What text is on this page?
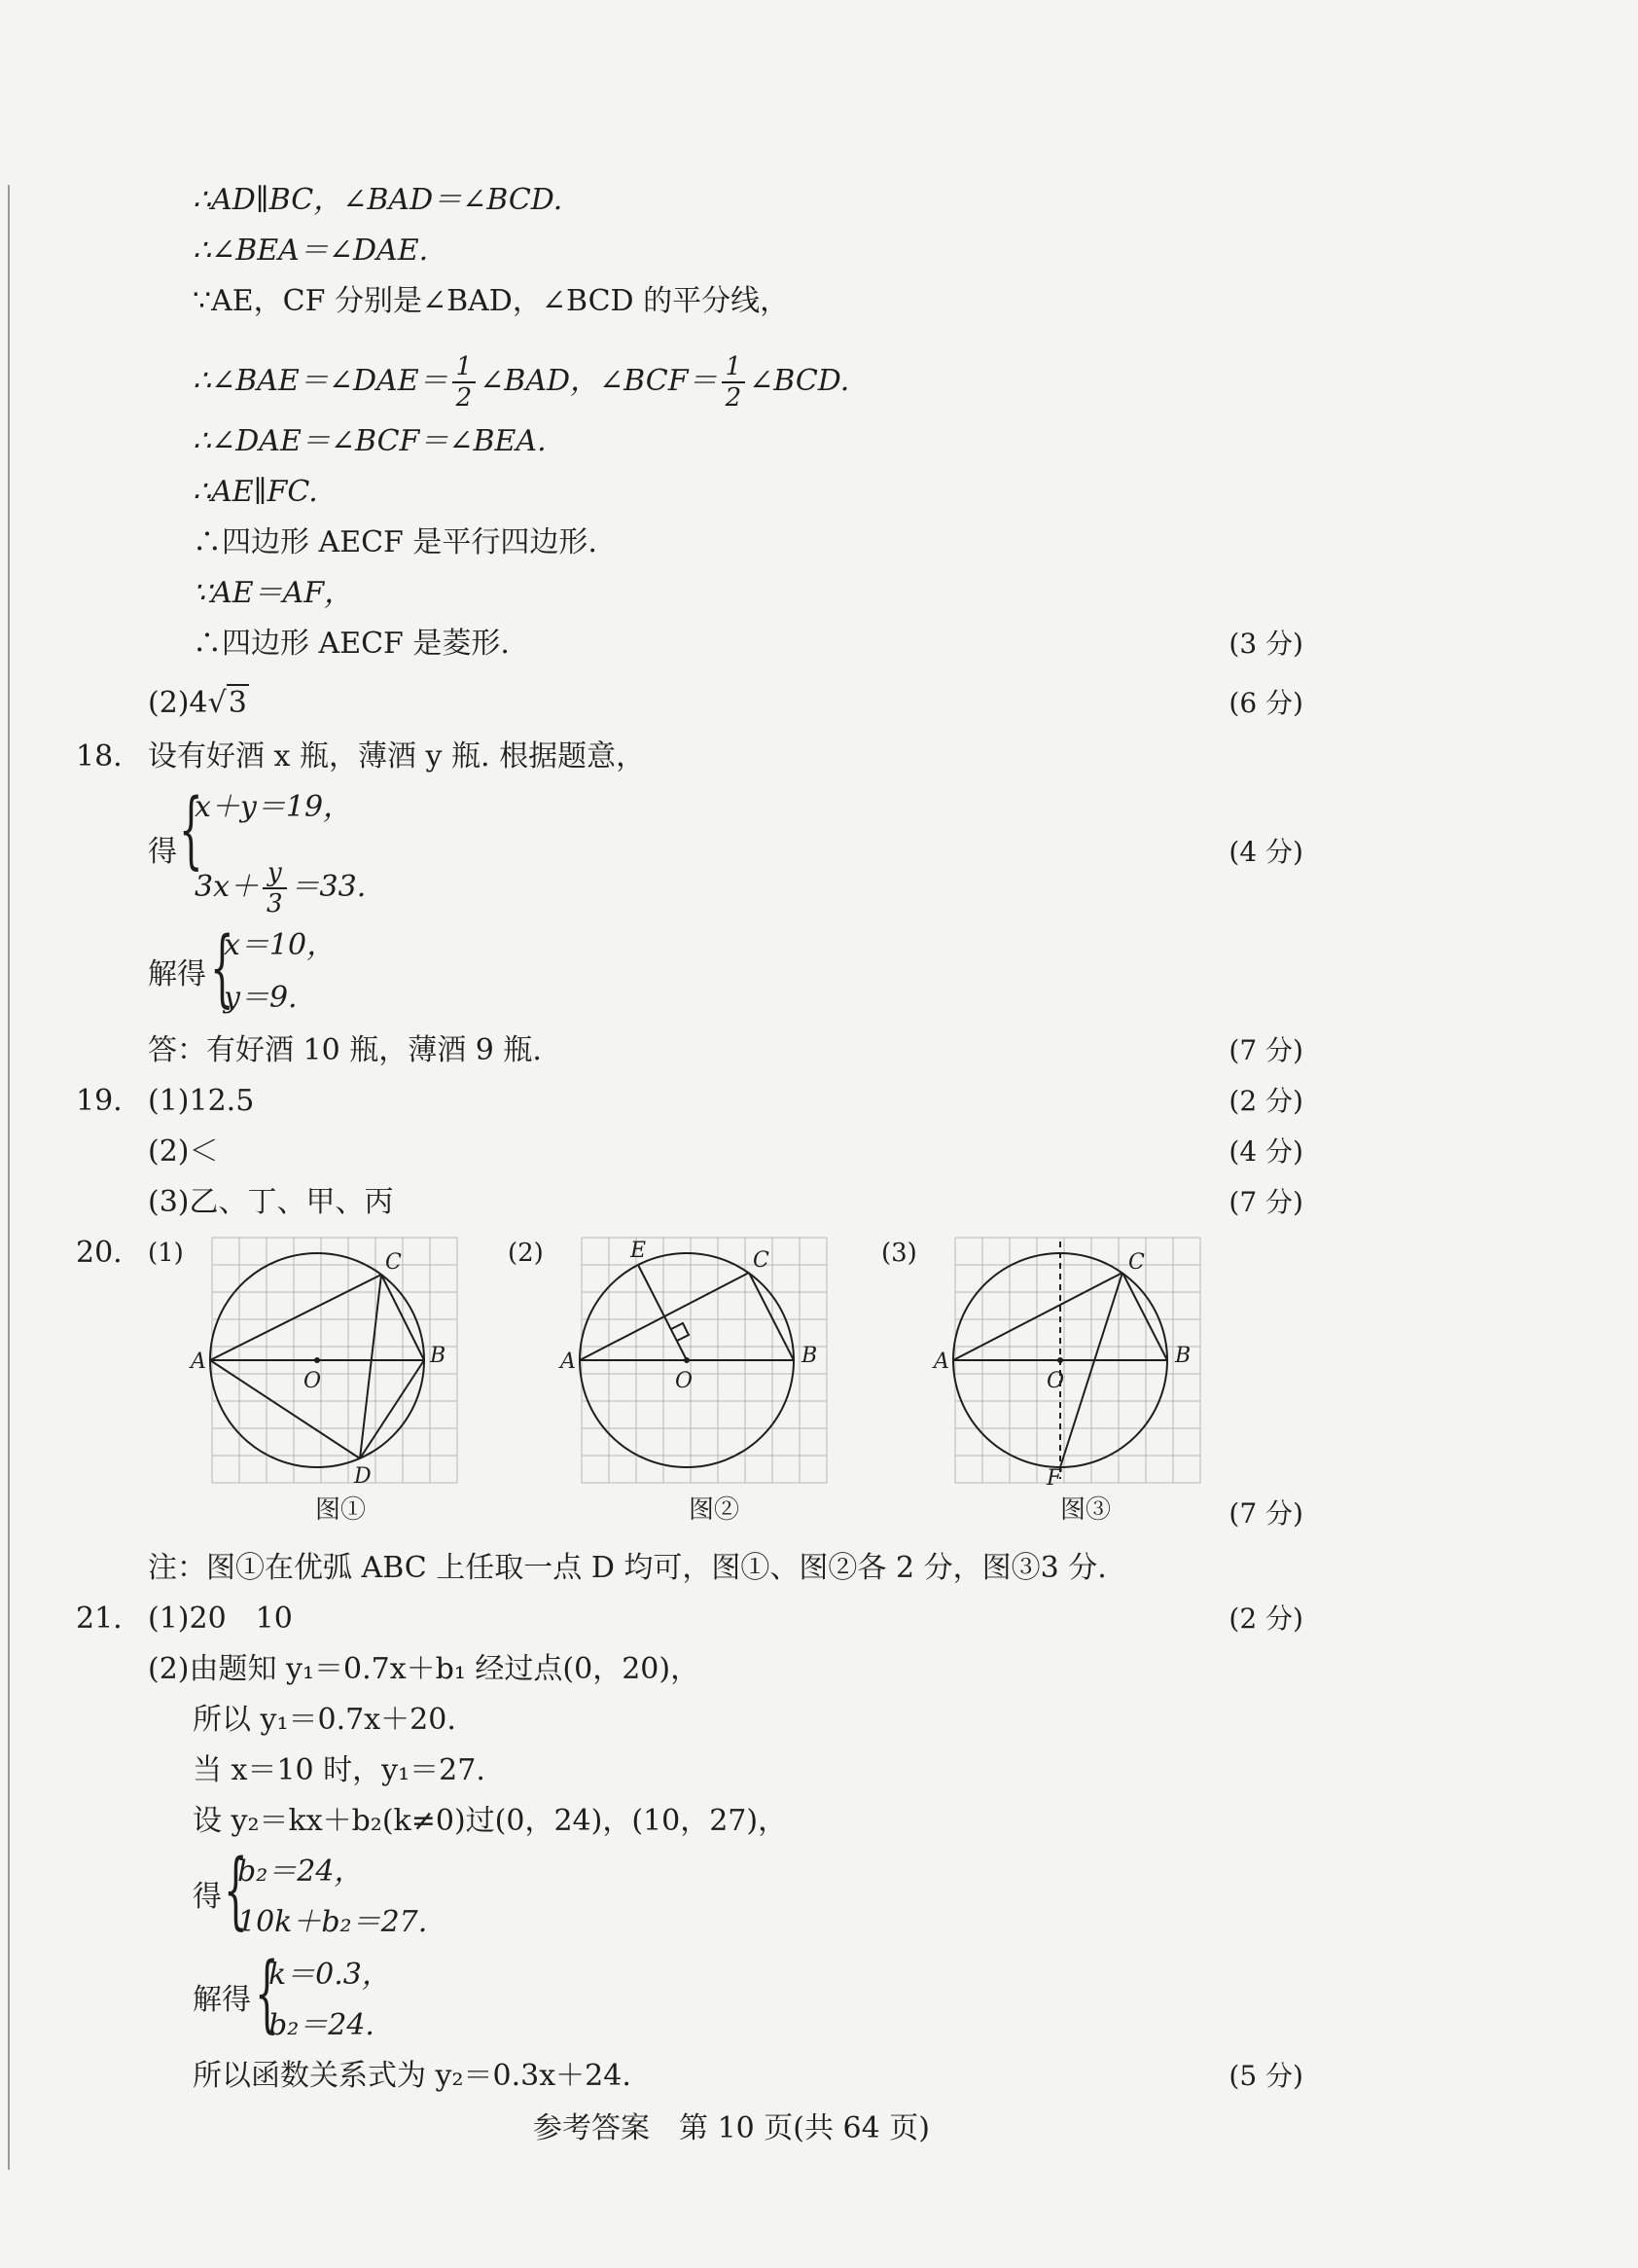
∴AD∥BC，∠BAD＝∠BCD.
∴∠BEA＝∠DAE.
∵AE，CF 分别是∠BAD，∠BCD 的平分线，
∴∠BAE＝∠DAE＝ $\frac{1}{2}$ ∠BAD，∠BCF＝ $\frac{1}{2}$ ∠BCD.
∴∠DAE＝∠BCF＝∠BEA.
∴AE∥FC.
∴四边形 AECF 是平行四边形.
∵AE＝AF，
∴四边形 AECF 是菱形.	(3 分)
(2)4√3	(6 分)
18. 设有好酒 x 瓶，薄酒 y 瓶. 根据题意，
得 {
x＋y＝19，
$3x+ \frac{y}{3} =33$.
(4 分)
解得 {
x＝10，
y＝9.
答：有好酒 10 瓶，薄酒 9 瓶.	(7 分)
19. (1)12.5	(2 分)
(2)＜	(4 分)
(3)乙、丁、甲、丙	(7 分)
20. (1)	(2)	(3)
A	B
C
D
O
图①
A	B
C
E
O
图②
A	B
C
F
O
图③	(7 分)
注：图①在优弧 ABC 上任取一点 D 均可，图①、图②各 2 分，图③3 分.
21. (1)20　10	(2 分)
(2)由题知 y₁＝0.7x＋b₁ 经过点(0，20)，
所以 y₁＝0.7x＋20.
当 x＝10 时，y₁＝27.
设 y₂＝kx＋b₂(k≠0)过(0，24)，(10，27)，
得 {
b₂＝24，
10k＋b₂＝27.
解得 {
k＝0.3，
b₂＝24.
所以函数关系式为 y₂＝0.3x＋24.	(5 分)
参考答案　第 10 页(共 64 页)
